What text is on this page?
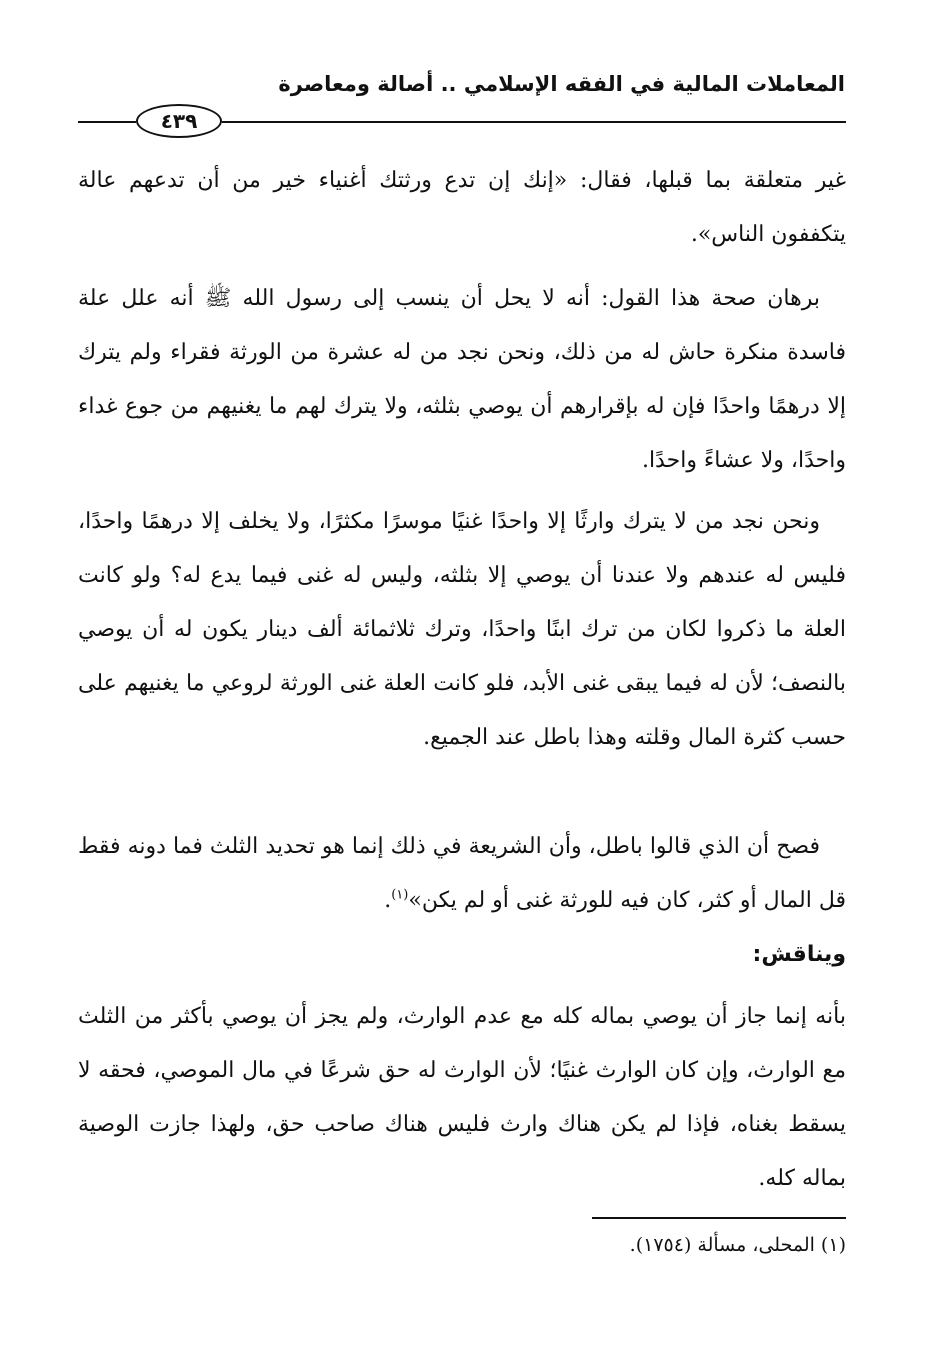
المعاملات المالية في الفقه الإسلامي .. أصالة ومعاصرة
٤٣٩

غير متعلقة بما قبلها، فقال: «إنك إن تدع ورثتك أغنياء خير من أن تدعهم عالة يتكففون الناس».

برهان صحة هذا القول: أنه لا يحل أن ينسب إلى رسول الله ﷺ أنه علل علة فاسدة منكرة حاش له من ذلك، ونحن نجد من له عشرة من الورثة فقراء ولم يترك إلا درهمًا واحدًا فإن له بإقرارهم أن يوصي بثلثه، ولا يترك لهم ما يغنيهم من جوع غداء واحدًا، ولا عشاءً واحدًا.

ونحن نجد من لا يترك وارثًا إلا واحدًا غنيًا موسرًا مكثرًا، ولا يخلف إلا درهمًا واحدًا، فليس له عندهم ولا عندنا أن يوصي إلا بثلثه، وليس له غنى فيما يدع له؟ ولو كانت العلة ما ذكروا لكان من ترك ابنًا واحدًا، وترك ثلاثمائة ألف دينار يكون له أن يوصي بالنصف؛ لأن له فيما يبقى غنى الأبد، فلو كانت العلة غنى الورثة لروعي ما يغنيهم على حسب كثرة المال وقلته وهذا باطل عند الجميع.

فصح أن الذي قالوا باطل، وأن الشريعة في ذلك إنما هو تحديد الثلث فما دونه فقط قل المال أو كثر، كان فيه للورثة غنى أو لم يكن»$^{(١)}$.

ويناقش:

بأنه إنما جاز أن يوصي بماله كله مع عدم الوارث، ولم يجز أن يوصي بأكثر من الثلث مع الوارث، وإن كان الوارث غنيًا؛ لأن الوارث له حق شرعًا في مال الموصي، فحقه لا يسقط بغناه، فإذا لم يكن هناك وارث فليس هناك صاحب حق، ولهذا جازت الوصية بماله كله.

(١) المحلى، مسألة (١٧٥٤).
